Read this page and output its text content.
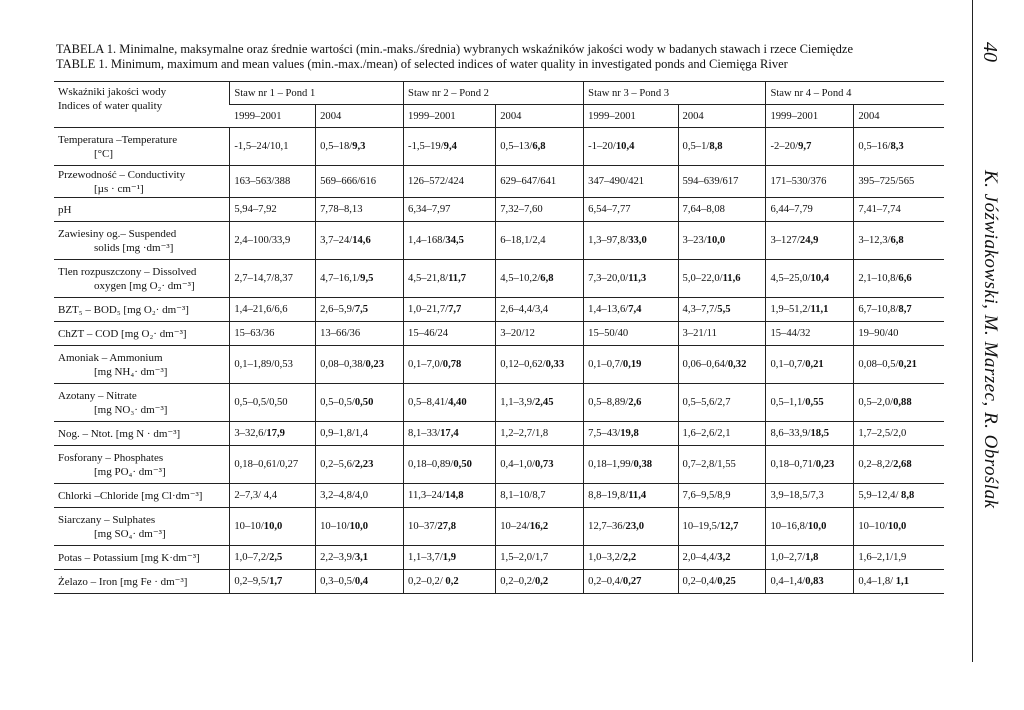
TABELA 1. Minimalne, maksymalne oraz średnie wartości (min.-maks./średnia) wybranych wskaźników jakości wody w badanych stawach i rzece Ciemiędze
TABLE 1. Minimum, maximum and mean values (min.-max./mean) of selected indices of water quality in investigated ponds and Ciemięga River
40
K. Jóźwiakowski, M. Marzec, R. Obroślak
Wskaźniki jakości wody
Indices of water quality	Staw nr 1 – Pond 1		Staw nr 2 – Pond 2		Staw nr 3 – Pond 3		Staw nr 4 – Pond 4	
	1999–2001	2004	1999–2001	2004	1999–2001	2004	1999–2001	2004

Temperatura –Temperature
[°C]	-1,5–24/10,1	0,5–18/9,3	-1,5–19/9,4	0,5–13/6,8	-1–20/10,4	0,5–1/8,8	-2–20/9,7	0,5–16/8,3

Przewodność – Conductivity
[µs · cm⁻¹]	163–563/388	569–666/616	126–572/424	629–647/641	347–490/421	594–639/617	171–530/376	395–725/565

pH	5,94–7,92	7,78–8,13	6,34–7,97	7,32–7,60	6,54–7,77	7,64–8,08	6,44–7,79	7,41–7,74

Zawiesiny og.– Suspended
solids [mg ·dm⁻³]	2,4–100/33,9	3,7–24/14,6	1,4–168/34,5	6–18,1/2,4	1,3–97,8/33,0	3–23/10,0	3–127/24,9	3–12,3/6,8

Tlen rozpuszczony – Dissolved
oxygen [mg O₂· dm⁻³]	2,7–14,7/8,37	4,7–16,1/9,5	4,5–21,8/11,7	4,5–10,2/6,8	7,3–20,0/11,3	5,0–22,0/11,6	4,5–25,0/10,4	2,1–10,8/6,6

BZT₅ – BOD₅ [mg O₂· dm⁻³]	1,4–21,6/6,6	2,6–5,9/7,5	1,0–21,7/7,7	2,6–4,4/3,4	1,4–13,6/7,4	4,3–7,7/5,5	1,9–51,2/11,1	6,7–10,8/8,7

ChZT – COD [mg O₂· dm⁻³]	15–63/36	13–66/36	15–46/24	3–20/12	15–50/40	3–21/11	15–44/32	19–90/40

Amoniak – Ammonium
[mg NH₄· dm⁻³]	0,1–1,89/0,53	0,08–0,38/0,23	0,1–7,0/0,78	0,12–0,62/0,33	0,1–0,7/0,19	0,06–0,64/0,32	0,1–0,7/0,21	0,08–0,5/0,21

Azotany – Nitrate
[mg NO₃· dm⁻³]	0,5–0,5/0,50	0,5–0,5/0,50	0,5–8,41/4,40	1,1–3,9/2,45	0,5–8,89/2,6	0,5–5,6/2,7	0,5–1,1/0,55	0,5–2,0/0,88

Nog. – Ntot. [mg N · dm⁻³]	3–32,6/17,9	0,9–1,8/1,4	8,1–33/17,4	1,2–2,7/1,8	7,5–43/19,8	1,6–2,6/2,1	8,6–33,9/18,5	1,7–2,5/2,0

Fosforany – Phosphates
[mg PO₄· dm⁻³]	0,18–0,61/0,27	0,2–5,6/2,23	0,18–0,89/0,50	0,4–1,0/0,73	0,18–1,99/0,38	0,7–2,8/1,55	0,18–0,71/0,23	0,2–8,2/2,68

Chlorki –Chloride [mg Cl·dm⁻³]	2–7,3/ 4,4	3,2–4,8/4,0	11,3–24/14,8	8,1–10/8,7	8,8–19,8/11,4	7,6–9,5/8,9	3,9–18,5/7,3	5,9–12,4/ 8,8

Siarczany – Sulphates
[mg SO₄· dm⁻³]	10–10/10,0	10–10/10,0	10–37/27,8	10–24/16,2	12,7–36/23,0	10–19,5/12,7	10–16,8/10,0	10–10/10,0

Potas – Potassium [mg K·dm⁻³]	1,0–7,2/2,5	2,2–3,9/3,1	1,1–3,7/1,9	1,5–2,0/1,7	1,0–3,2/2,2	2,0–4,4/3,2	1,0–2,7/1,8	1,6–2,1/1,9

Żelazo – Iron [mg Fe · dm⁻³]	0,2–9,5/1,7	0,3–0,5/0,4	0,2–0,2/ 0,2	0,2–0,2/0,2	0,2–0,4/0,27	0,2–0,4/0,25	0,4–1,4/0,83	0,4–1,8/ 1,1
